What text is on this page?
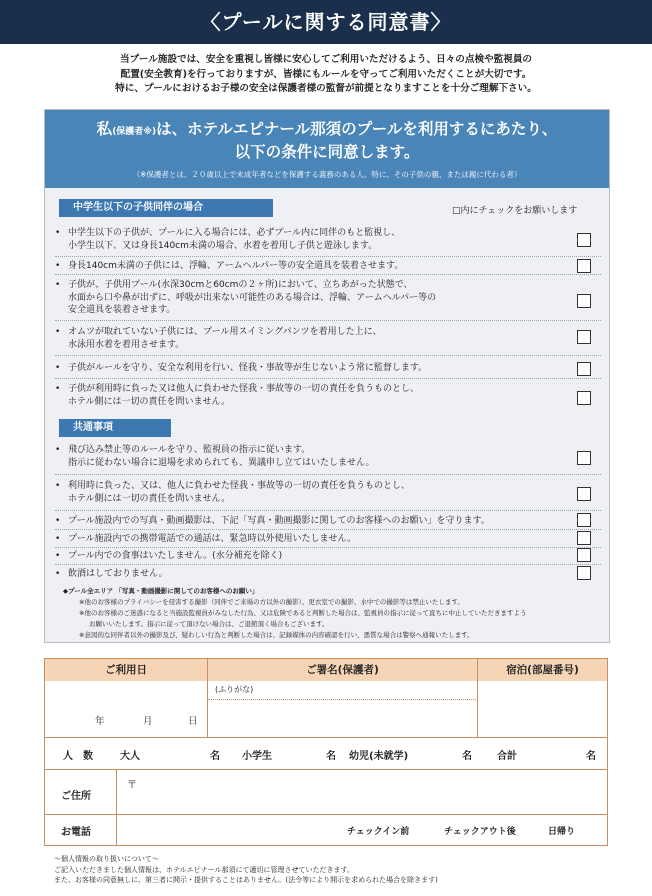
〈プールに関する同意書〉
当プール施設では、安全を重視し皆様に安心してご利用いただけるよう、日々の点検や監視員の
配置(安全教育)を行っておりますが、皆様にもルールを守ってご利用いただくことが大切です。
特に、プールにおけるお子様の安全は保護者様の監督が前提となりますことを十分ご理解下さい。
私(保護者※)は、ホテルエピナール那須のプールを利用するにあたり、
以下の条件に同意します。
（※保護者とは、２０歳以上で未成年者などを保護する義務のある人。特に、その子供の親、または親に代わる者）
中学生以下の子供同伴の場合	□内にチェックをお願いします
• 中学生以下の子供が、プールに入る場合には、必ずプール内に同伴のもと監視し、
小学生以下、又は身長140cm未満の場合、水着を着用し子供と遊泳します。
• 身長140cm未満の子供には、浮輪、アームヘルパー等の安全道具を装着させます。
• 子供が、子供用プール(水深30cmと60cmの２ヶ所)において、立ちあがった状態で、
水面から口や鼻が出ずに、呼吸が出来ない可能性のある場合は、浮輪、アームヘルパー等の
安全道具を装着させます。
• オムツが取れていない子供には、プール用スイミングパンツを着用した上に、
水泳用水着を着用させます。
• 子供がルールを守り、安全な利用を行い、怪我・事故等が生じないよう常に監督します。
• 子供が利用時に負った又は他人に負わせた怪我・事故等の一切の責任を負うものとし、
ホテル側には一切の責任を問いません。
共通事項
• 飛び込み禁止等のルールを守り、監視員の指示に従います。
指示に従わない場合に退場を求められても、異議申し立てはいたしません。
• 利用時に負った、又は、他人に負わせた怪我・事故等の一切の責任を負うものとし、
ホテル側には一切の責任を問いません。
• プール施設内での写真・動画撮影は、下記「写真・動画撮影に関してのお客様へのお願い」を守ります。
• プール施設内での携帯電話での通話は、緊急時以外使用いたしません。
• プール内での食事はいたしません。(水分補充を除く)
• 飲酒はしておりません。
◆プール全エリア 「写真・動画撮影に関してのお客様へのお願い」
※他のお客様のプライバシーを侵害する撮影（同伴でご来場の方以外の撮影）、更衣室での撮影、水中での撮影等は禁止いたします。
※他のお客様のご迷惑になると当施設監視員がみなした行為、又は危険であると判断した場合は、監視員の指示に従って直ちに中止していただきますよう
お願いいたします。指示に従って頂けない場合は、ご退館頂く場合もございます。
※意図的な同伴者以外の撮影及び、疑わしい行為と判断した場合は、記録媒体の内容確認を行い、悪質な場合は警察へ通報いたします。
ご利用日	ご署名(保護者)	宿泊(部屋番号)
年	月	日
(ふりがな)
人　数	大人	名 小学生	名 幼児(未就学)	名	合計	名
ご住所
〒
お電話	チェックイン前	チェックアウト後	日帰り
〜個人情報の取り扱いについて〜
ご記入いただきました個人情報は、ホテルエピナール那須にて適切に管理させていただきます。
また、お客様の同意無しに、第三者に開示・提供することはありません。(法令等により開示を求められた場合を除きます)
